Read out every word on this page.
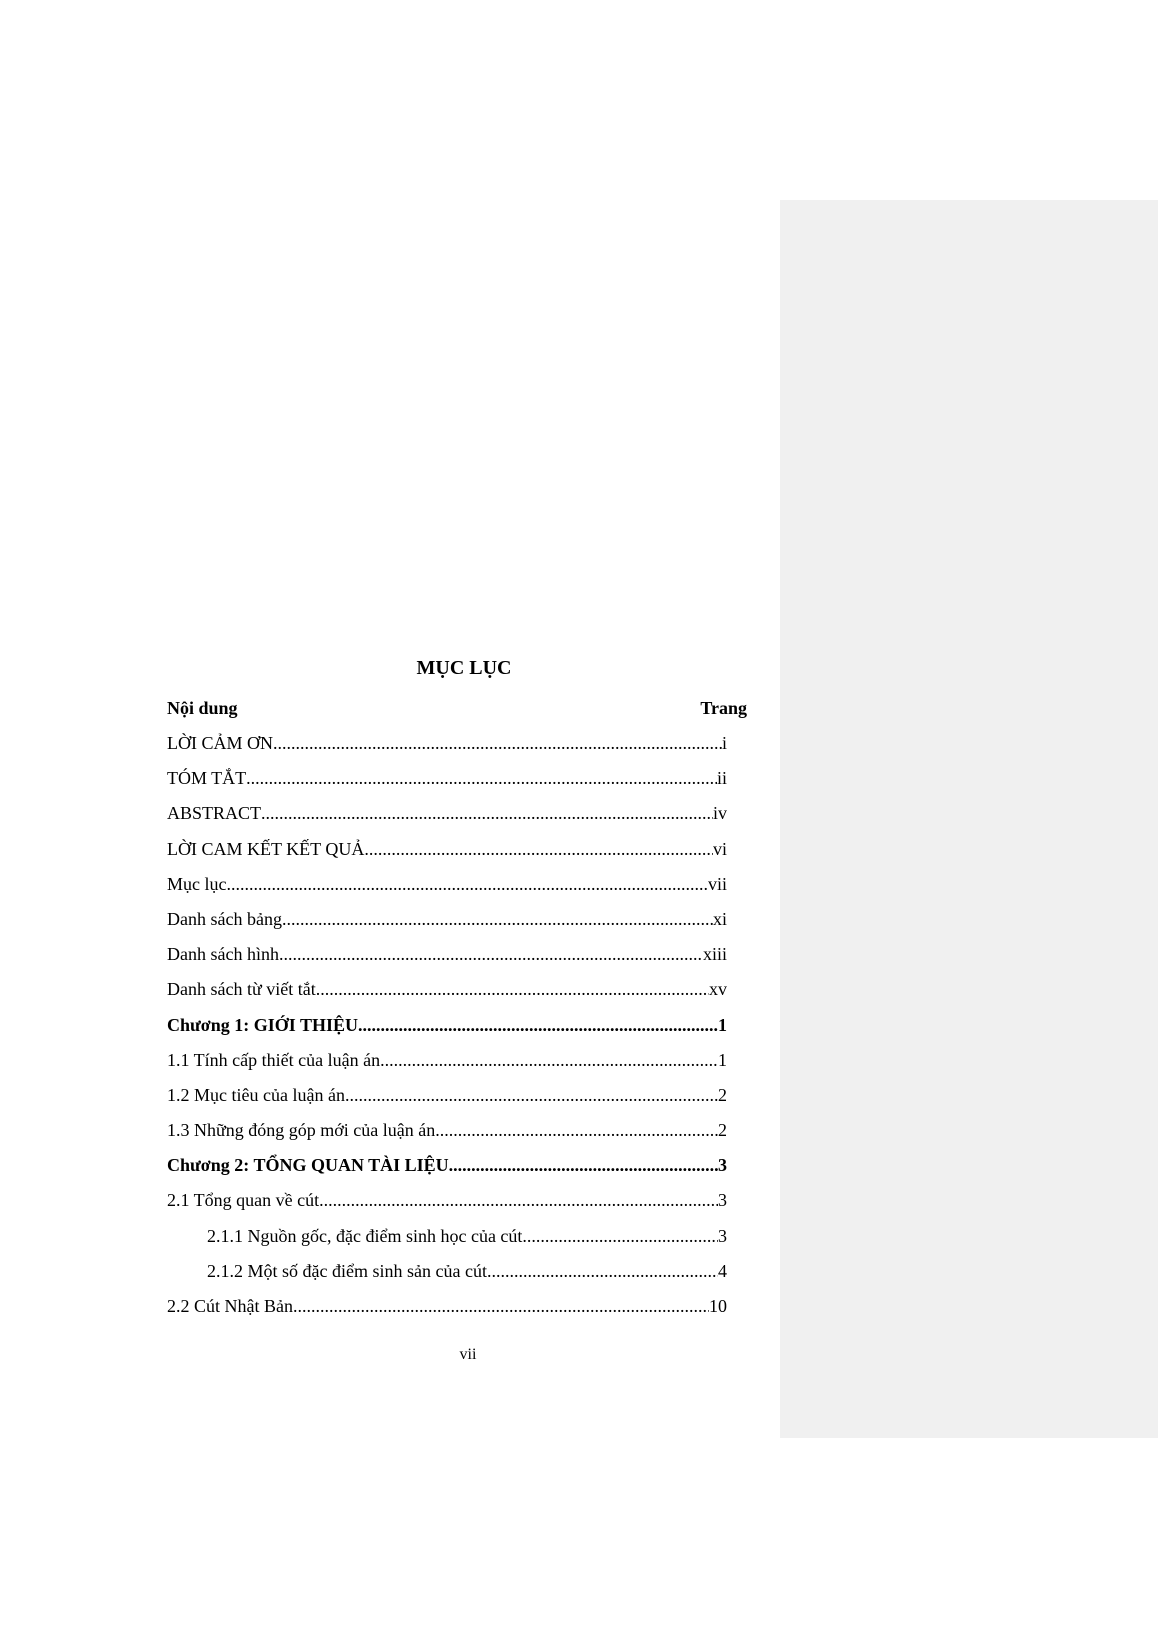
MỤC LỤC
Nội dung	Trang
LỜI CẢM ƠN .....	i
TÓM TẮT .....	ii
ABSTRACT .....	iv
LỜI CAM KẾT KẾT QUẢ .....	vi
Mục lục .....	vii
Danh sách bảng .....	xi
Danh sách hình .....	xiii
Danh sách từ viết tắt .....	xv
Chương 1: GIỚI THIỆU .....	1
1.1 Tính cấp thiết của luận án .....	1
1.2 Mục tiêu của luận án .....	2
1.3 Những đóng góp mới của luận án .....	2
Chương 2: TỔNG QUAN TÀI LIỆU .....	3
2.1 Tổng quan về cút .....	3
2.1.1 Nguồn gốc, đặc điểm sinh học của cút .....	3
2.1.2 Một số đặc điểm sinh sản của cút .....	4
2.2 Cút Nhật Bản .....	10
vii
